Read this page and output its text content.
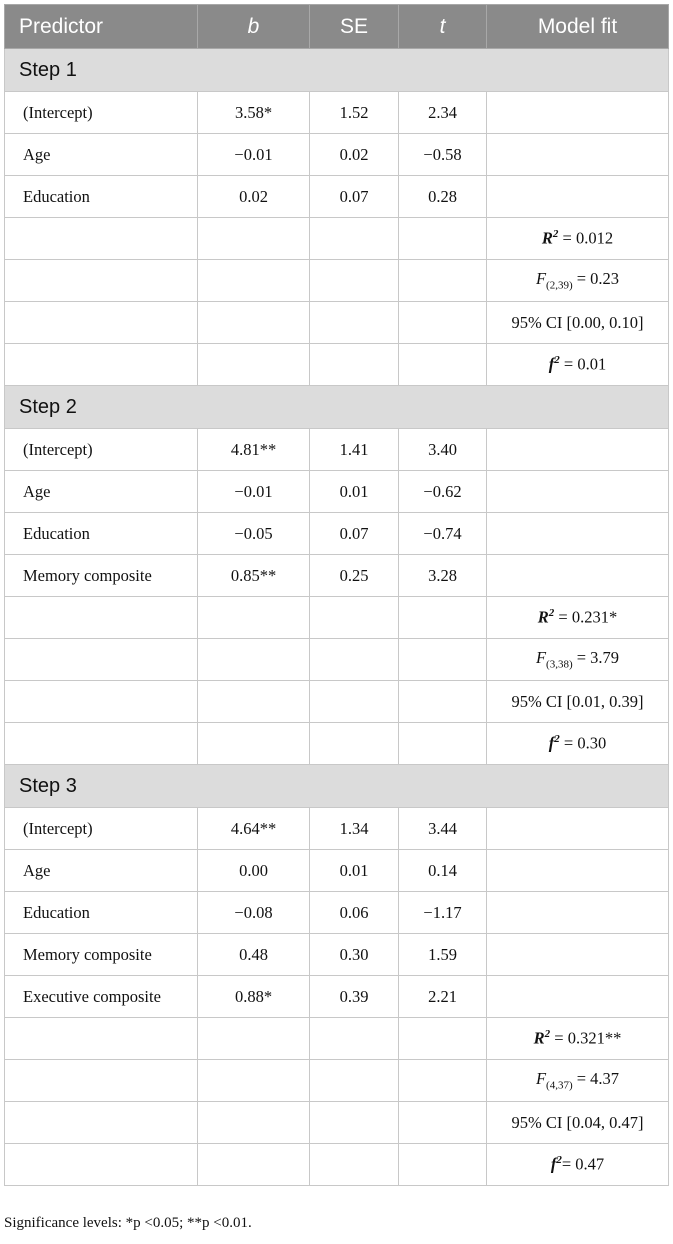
Predictor	b	SE	t	Model fit
Step 1				
(Intercept)	3.58*	1.52	2.34	
Age	−0.01	0.02	−0.58	
Education	0.02	0.07	0.28	
				$R^2 = 0.012$
				$F_{(2,39)} = 0.23$
				95% CI [0.00, 0.10]
				$f^2 = 0.01$
Step 2				
(Intercept)	4.81**	1.41	3.40	
Age	−0.01	0.01	−0.62	
Education	−0.05	0.07	−0.74	
Memory composite	0.85**	0.25	3.28	
				$R^2 = 0.231*$
				$F_{(3,38)} = 3.79$
				95% CI [0.01, 0.39]
				$f^2 = 0.30$
Step 3				
(Intercept)	4.64**	1.34	3.44	
Age	0.00	0.01	0.14	
Education	−0.08	0.06	−1.17	
Memory composite	0.48	0.30	1.59	
Executive composite	0.88*	0.39	2.21	
				$R^2 = 0.321**$
				$F_{(4,37)} = 4.37$
				95% CI [0.04, 0.47]
				$f^2= 0.47$
Significance levels: *p <0.05; **p <0.01.
